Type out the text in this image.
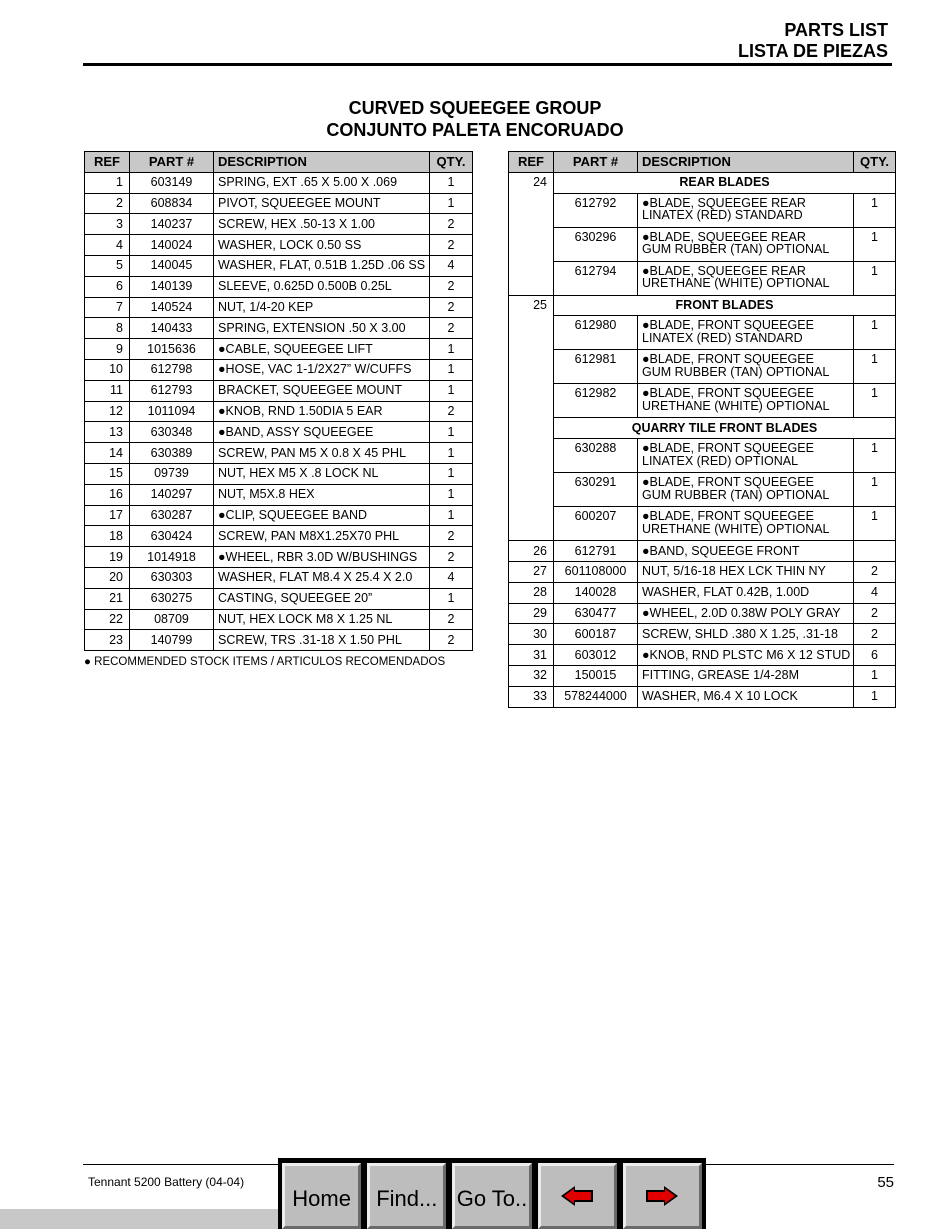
PARTS LIST
LISTA DE PIEZAS
CURVED SQUEEGEE GROUP
CONJUNTO PALETA ENCORUADO
REF	PART #	DESCRIPTION	QTY.
1	603149	SPRING, EXT .65 X 5.00 X .069	1
2	608834	PIVOT, SQUEEGEE MOUNT	1
3	140237	SCREW, HEX .50-13 X 1.00	2
4	140024	WASHER, LOCK 0.50 SS	2
5	140045	WASHER, FLAT, 0.51B 1.25D .06 SS	4
6	140139	SLEEVE, 0.625D 0.500B 0.25L	2
7	140524	NUT, 1/4-20 KEP	2
8	140433	SPRING, EXTENSION .50 X 3.00	2
9	1015636	●CABLE, SQUEEGEE LIFT	1
10	612798	●HOSE, VAC 1-1/2X27” W/CUFFS	1
11	612793	BRACKET, SQUEEGEE MOUNT	1
12	1011094	●KNOB, RND 1.50DIA 5 EAR	2
13	630348	●BAND, ASSY SQUEEGEE	1
14	630389	SCREW, PAN M5 X 0.8 X 45 PHL	1
15	09739	NUT, HEX M5 X .8 LOCK NL	1
16	140297	NUT, M5X.8 HEX	1
17	630287	●CLIP, SQUEEGEE BAND	1
18	630424	SCREW, PAN M8X1.25X70 PHL	2
19	1014918	●WHEEL, RBR 3.0D W/BUSHINGS	2
20	630303	WASHER, FLAT M8.4 X 25.4 X 2.0	4
21	630275	CASTING, SQUEEGEE 20”	1
22	08709	NUT, HEX LOCK M8 X 1.25 NL	2
23	140799	SCREW, TRS .31-18 X 1.50 PHL	2
● RECOMMENDED STOCK ITEMS / ARTICULOS RECOMENDADOS
REF	PART #	DESCRIPTION	QTY.
24	REAR BLADES		
	612792	●BLADE, SQUEEGEE REAR
LINATEX (RED) STANDARD	1
	630296	●BLADE, SQUEEGEE REAR
GUM RUBBER (TAN) OPTIONAL	1
	612794	●BLADE, SQUEEGEE REAR
URETHANE (WHITE) OPTIONAL	1
25	FRONT BLADES		
	612980	●BLADE, FRONT SQUEEGEE
LINATEX (RED) STANDARD	1
	612981	●BLADE, FRONT SQUEEGEE
GUM RUBBER (TAN) OPTIONAL	1
	612982	●BLADE, FRONT SQUEEGEE
URETHANE (WHITE) OPTIONAL	1
	QUARRY TILE FRONT BLADES		
	630288	●BLADE, FRONT SQUEEGEE
LINATEX (RED) OPTIONAL	1
	630291	●BLADE, FRONT SQUEEGEE
GUM RUBBER (TAN) OPTIONAL	1
	600207	●BLADE, FRONT SQUEEGEE
URETHANE (WHITE) OPTIONAL	1
26	612791	●BAND, SQUEEGE FRONT	
27	601108000	NUT, 5/16-18 HEX LCK THIN NY	2
28	140028	WASHER, FLAT 0.42B, 1.00D	4
29	630477	●WHEEL, 2.0D 0.38W POLY GRAY	2
30	600187	SCREW, SHLD .380 X 1.25, .31-18	2
31	603012	●KNOB, RND PLSTC M6 X 12 STUD	6
32	150015	FITTING, GREASE 1/4-28M	1
33	578244000	WASHER, M6.4 X 10 LOCK	1
Tennant 5200 Battery (04-04)	55
Home	Find... Go To..
